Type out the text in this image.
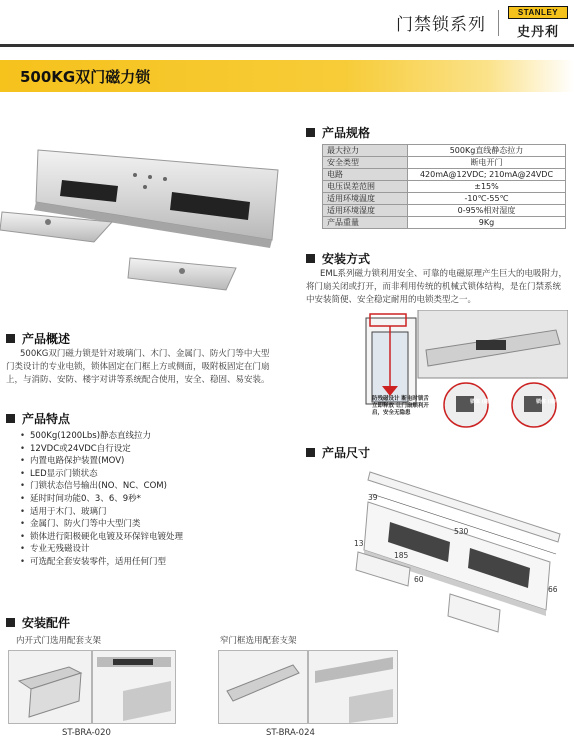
门禁锁系列
STANLEY
史丹利
500KG双门磁力锁
产品规格
最大拉力	500Kg直线静态拉力
安全类型	断电开门
电路	420mA@12VDC; 210mA@24VDC
电压误差范围	±15%
适用环境温度	-10℃-55℃
适用环境湿度	0-95%相对湿度
产品重量	9Kg
安装方式
EML系列磁力锁利用安全、可靠的电磁原理产生巨大的电吸附力，将门扇关闭或打开，而非利用传统的机械式锁体结构，是在门禁系统中安装简便、安全稳定耐用的电锁类型之一。
防残磁设计 断电时锁舌立即释放 让门扇顺利开启，安全无隐患
锁体 (磁电)	锁体 (磁电)
产品概述
500KG双门磁力锁是针对玻璃门、木门、金属门、防火门等中大型门类设计的专业电锁，锁体固定在门框上方或侧面，吸附板固定在门扇上，与消防、安防、楼宇对讲等系统配合使用，安全、稳固、易安装。
产品特点
• 500Kg(1200Lbs)静态直线拉力
• 12VDC或24VDC自行设定
• 内置电路保护装置(MOV)
• LED显示门锁状态
• 门锁状态信号输出(NO、NC、COM)
• 延时时间功能0、3、6、9秒*
• 适用于木门、玻璃门
• 金属门、防火门等中大型门类
• 锁体进行阳极硬化电镀及环保锌电镀处理
• 专业无残磁设计
• 可选配全套安装零件，适用任何门型
产品尺寸
39
530
13
185
60
66
安装配件
内开式门选用配套支架	窄门框选用配套支架
ST-BRA-020	ST-BRA-024
